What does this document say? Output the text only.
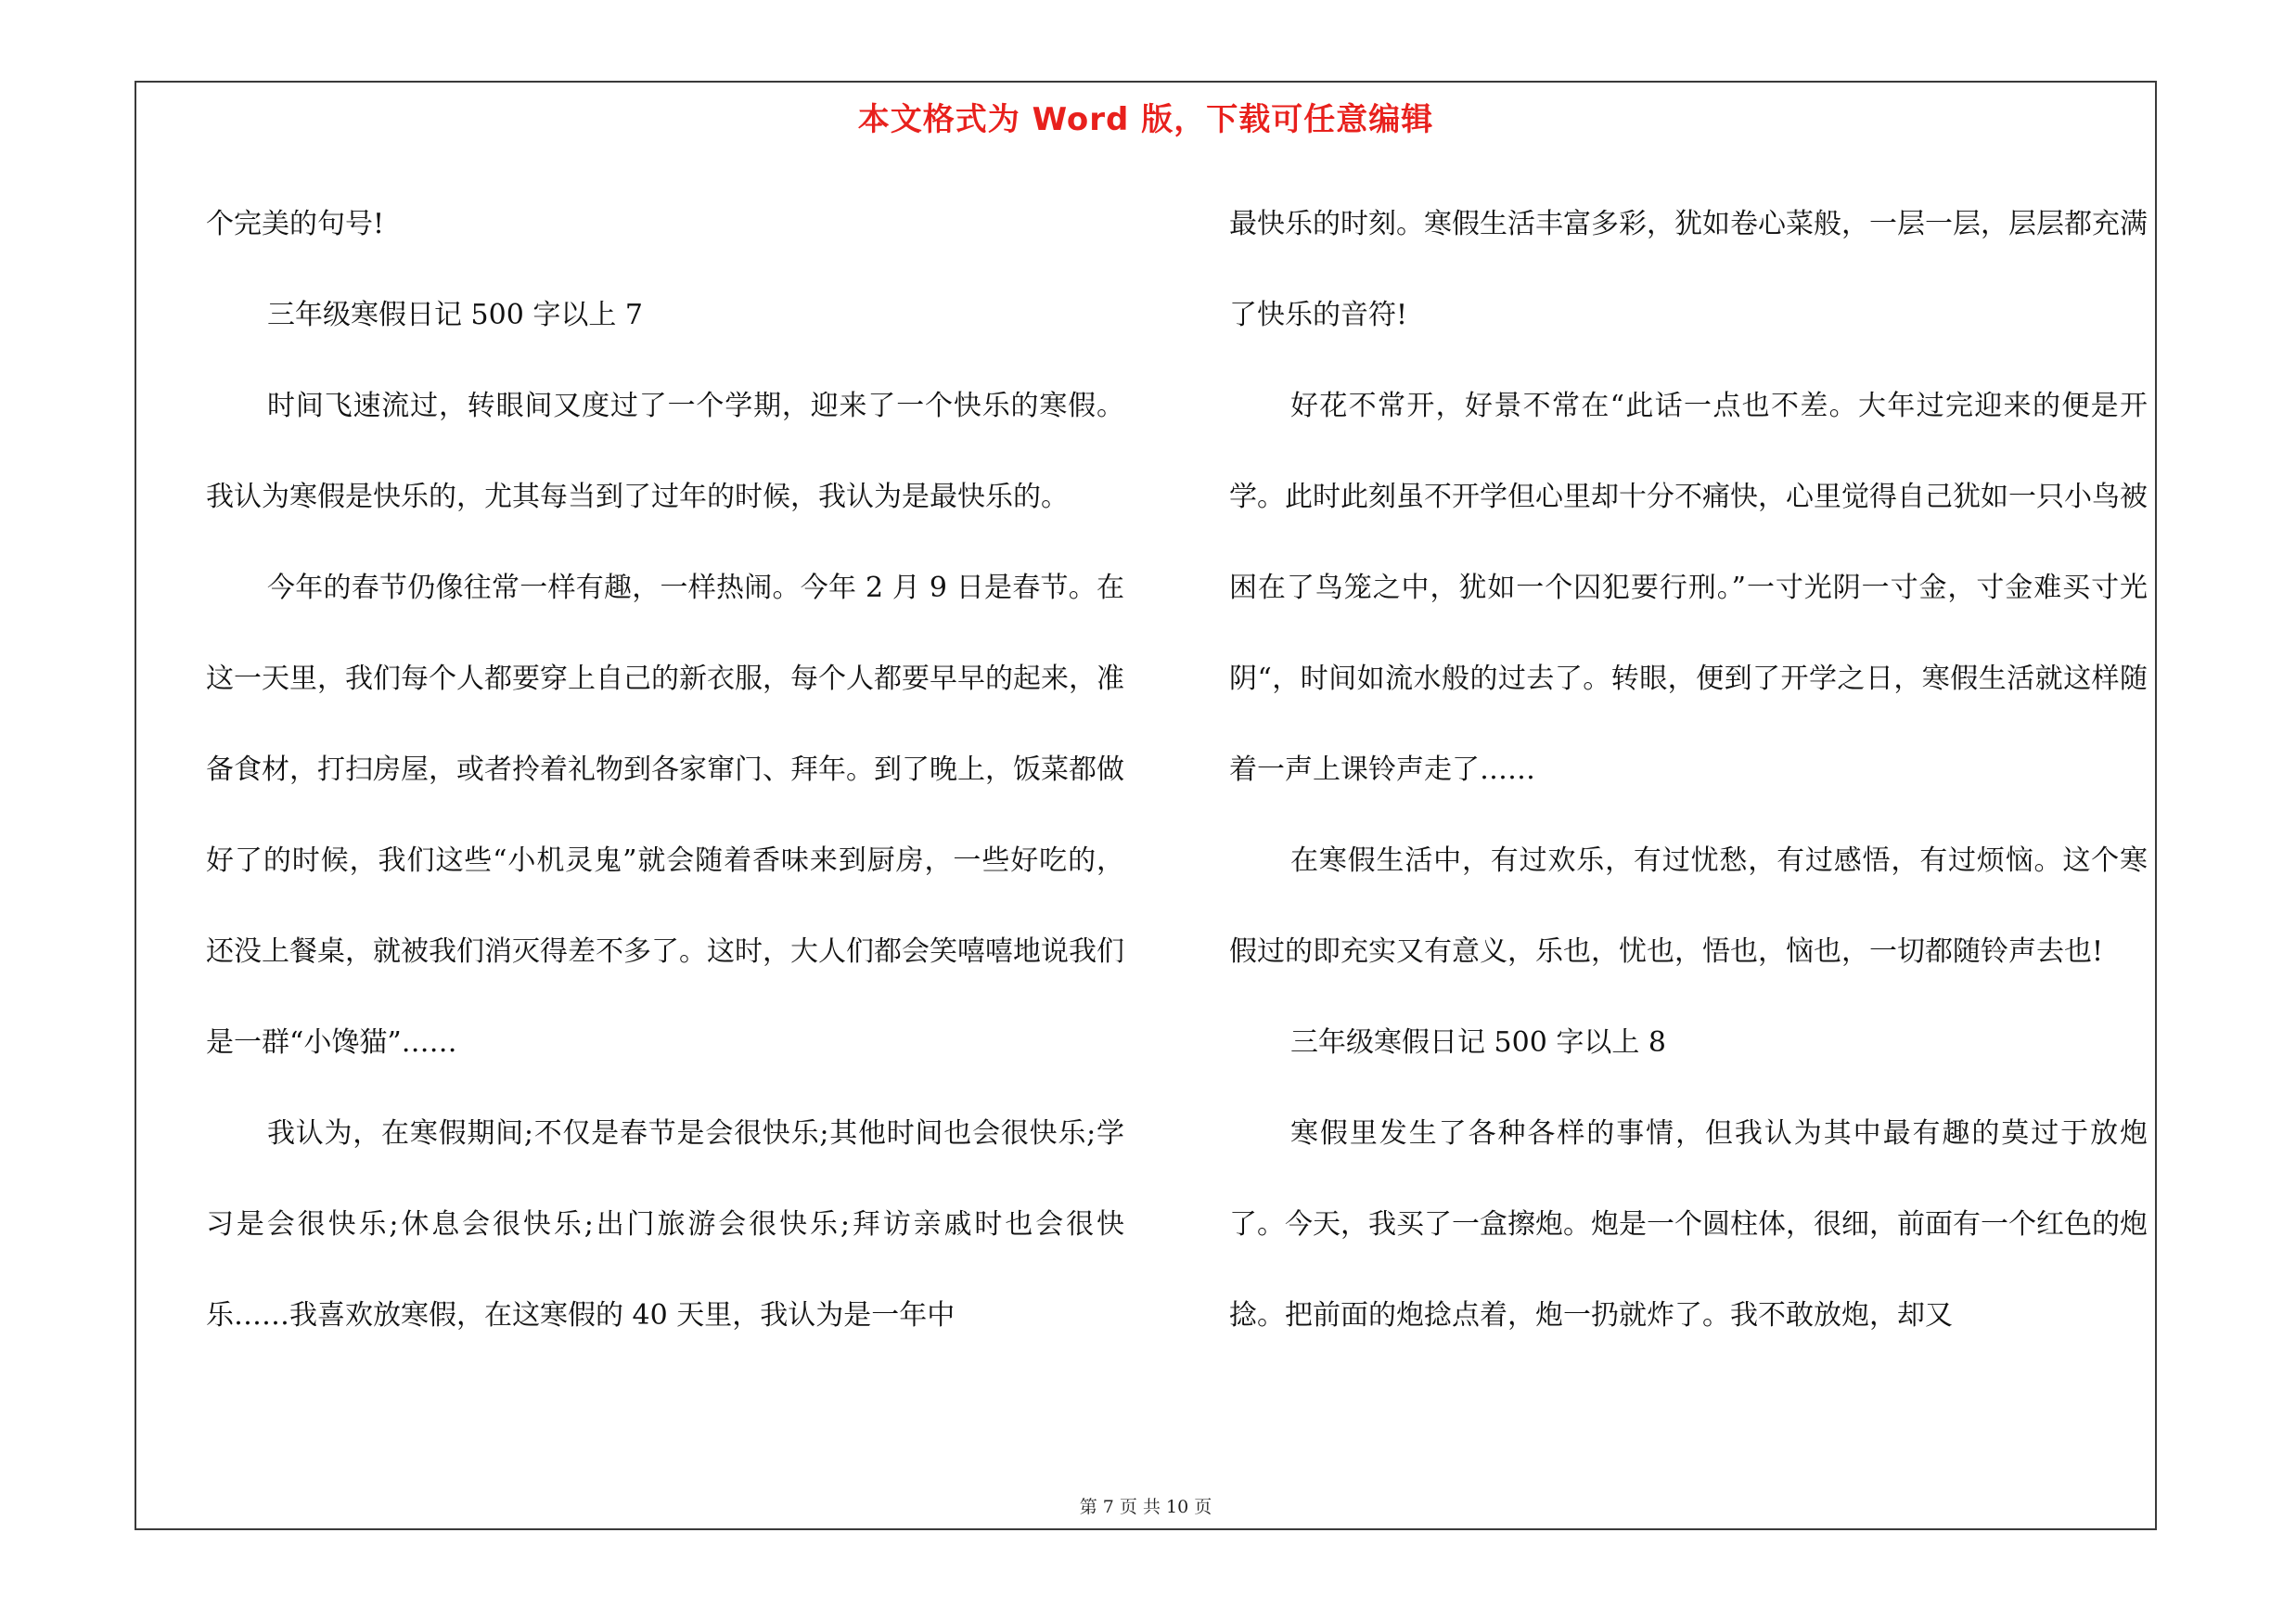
本文格式为 Word 版，下载可任意编辑

个完美的句号!

三年级寒假日记 500 字以上 7

时间飞速流过，转眼间又度过了一个学期，迎来了一个快乐的寒假。我认为寒假是快乐的，尤其每当到了过年的时候，我认为是最快乐的。

今年的春节仍像往常一样有趣，一样热闹。今年 2 月 9 日是春节。在这一天里，我们每个人都要穿上自己的新衣服，每个人都要早早的起来，准备食材，打扫房屋，或者拎着礼物到各家窜门、拜年。到了晚上，饭菜都做好了的时候，我们这些“小机灵鬼”就会随着香味来到厨房，一些好吃的，还没上餐桌，就被我们消灭得差不多了。这时，大人们都会笑嘻嘻地说我们是一群“小馋猫”……

我认为，在寒假期间;不仅是春节是会很快乐;其他时间也会很快乐;学习是会很快乐;休息会很快乐;出门旅游会很快乐;拜访亲戚时也会很快乐……我喜欢放寒假，在这寒假的 40 天里，我认为是一年中

最快乐的时刻。寒假生活丰富多彩，犹如卷心菜般，一层一层，层层都充满了快乐的音符!

好花不常开，好景不常在“此话一点也不差。大年过完迎来的便是开学。此时此刻虽不开学但心里却十分不痛快，心里觉得自己犹如一只小鸟被困在了鸟笼之中，犹如一个囚犯要行刑。”一寸光阴一寸金，寸金难买寸光阴“，时间如流水般的过去了。转眼，便到了开学之日，寒假生活就这样随着一声上课铃声走了……

在寒假生活中，有过欢乐，有过忧愁，有过感悟，有过烦恼。这个寒假过的即充实又有意义，乐也，忧也，悟也，恼也，一切都随铃声去也!

三年级寒假日记 500 字以上 8

寒假里发生了各种各样的事情，但我认为其中最有趣的莫过于放炮了。今天，我买了一盒擦炮。炮是一个圆柱体，很细，前面有一个红色的炮捻。把前面的炮捻点着，炮一扔就炸了。我不敢放炮，却又

第 7 页 共 10 页
